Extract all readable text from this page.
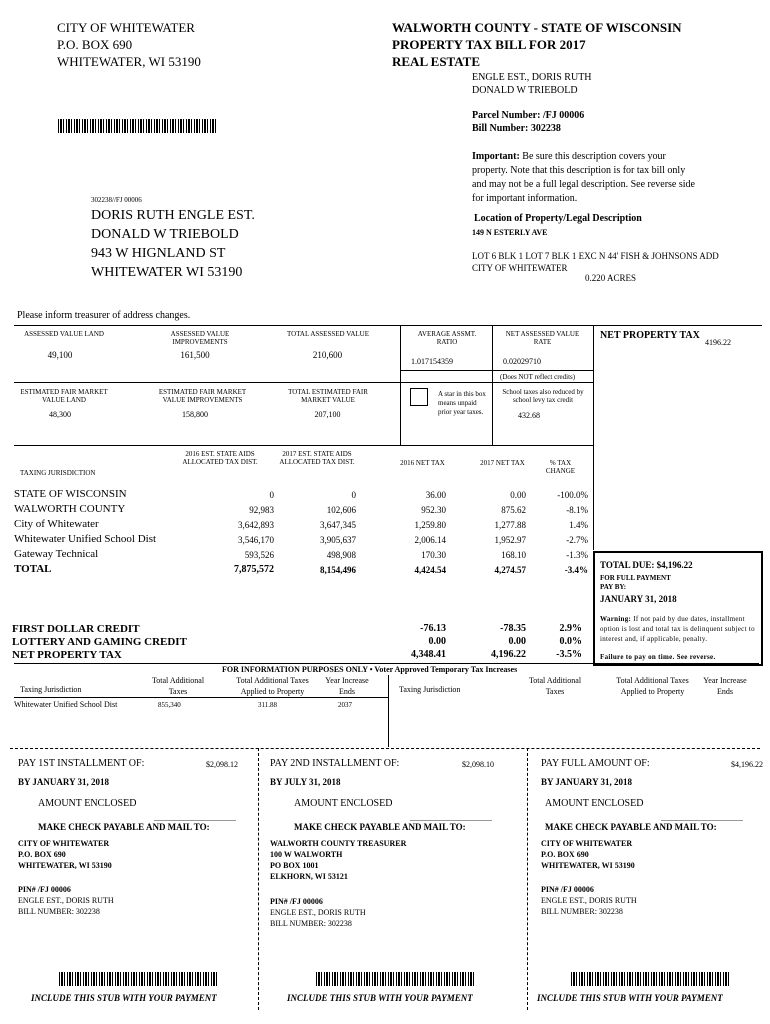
CITY OF WHITEWATER
P.O. BOX 690
WHITEWATER, WI 53190
WALWORTH COUNTY - STATE OF WISCONSIN
PROPERTY TAX BILL FOR 2017
REAL ESTATE
ENGLE EST., DORIS RUTH
DONALD W TRIEBOLD
Parcel Number: /FJ 00006
Bill Number: 302238
Important: Be sure this description covers your property. Note that this description is for tax bill only and may not be a full legal description. See reverse side for important information.
302238//FJ 00006
DORIS RUTH ENGLE EST.
DONALD W TRIEBOLD
943 W HIGNLAND ST
WHITEWATER WI 53190
Location of Property/Legal Description
149 N ESTERLY AVE
LOT 6 BLK 1 LOT 7 BLK 1 EXC N 44' FISH & JOHNSONS ADD
CITY OF WHITEWATER
0.220 ACRES
Please inform treasurer of address changes.
ASSESSED VALUE LAND
49,100
ASSESSED VALUE IMPROVEMENTS
161,500
TOTAL ASSESSED VALUE
210,600
AVERAGE ASSMT. RATIO
1.017154359
NET ASSESSED VALUE RATE
0.02029710
(Does NOT reflect credits)
NET PROPERTY TAX
4196.22
ESTIMATED FAIR MARKET VALUE LAND
48,300
ESTIMATED FAIR MARKET VALUE IMPROVEMENTS
158,800
TOTAL ESTIMATED FAIR MARKET VALUE
207,100
A star in this box means unpaid prior year taxes.
School taxes also reduced by school levy tax credit
432.68
TAXING JURISDICTION
2016 EST. STATE AIDS ALLOCATED TAX DIST.
2017 EST. STATE AIDS ALLOCATED TAX DIST.	2016 NET TAX	2017 NET TAX	% TAX CHANGE
STATE OF WISCONSIN	0	0	36.00	0.00	-100.0%
WALWORTH COUNTY	92,983	102,606	952.30	875.62	-8.1%
City of Whitewater	3,642,893	3,647,345	1,259.80	1,277.88	1.4%
Whitewater Unified School Dist	3,546,170	3,905,637	2,006.14	1,952.97	-2.7%
Gateway Technical	593,526	498,908	170.30	168.10	-1.3%
TOTAL	7,875,572	8,154,496	4,424.54	4,274.57	-3.4%
FIRST DOLLAR CREDIT	-76.13	-78.35	2.9%
LOTTERY AND GAMING CREDIT	0.00	0.00	0.0%
NET PROPERTY TAX	4,348.41	4,196.22	-3.5%
TOTAL DUE: $4,196.22
FOR FULL PAYMENT
PAY BY:
JANUARY 31, 2018
Warning: If not paid by due dates, installment option is lost and total tax is delinquent subject to interest and, if applicable, penalty.
Failure to pay on time. See reverse.
FOR INFORMATION PURPOSES ONLY • Voter Approved Temporary Tax Increases
Taxing Jurisdiction
Total Additional Taxes
Total Additional Taxes Applied to Property
Year Increase Ends	Taxing Jurisdiction
Total Additional Taxes
Total Additional Taxes Applied to Property
Year Increase Ends
Whitewater Unified School Dist	855,340	311.88	2037
PAY 1ST INSTALLMENT OF:	$2,098.12
BY JANUARY 31, 2018
AMOUNT ENCLOSED
MAKE CHECK PAYABLE AND MAIL TO:
CITY OF WHITEWATER
P.O. BOX 690
WHITEWATER, WI 53190
PIN# /FJ 00006
ENGLE EST., DORIS RUTH
BILL NUMBER: 302238
INCLUDE THIS STUB WITH YOUR PAYMENT
PAY 2ND INSTALLMENT OF:	$2,098.10
BY JULY 31, 2018
AMOUNT ENCLOSED
MAKE CHECK PAYABLE AND MAIL TO:
WALWORTH COUNTY TREASURER
100 W WALWORTH
PO BOX 1001
ELKHORN, WI 53121
PIN# /FJ 00006
ENGLE EST., DORIS RUTH
BILL NUMBER: 302238
INCLUDE THIS STUB WITH YOUR PAYMENT
PAY FULL AMOUNT OF:	$4,196.22
BY JANUARY 31, 2018
AMOUNT ENCLOSED
MAKE CHECK PAYABLE AND MAIL TO:
CITY OF WHITEWATER
P.O. BOX 690
WHITEWATER, WI 53190
PIN# /FJ 00006
ENGLE EST., DORIS RUTH
BILL NUMBER: 302238
INCLUDE THIS STUB WITH YOUR PAYMENT
